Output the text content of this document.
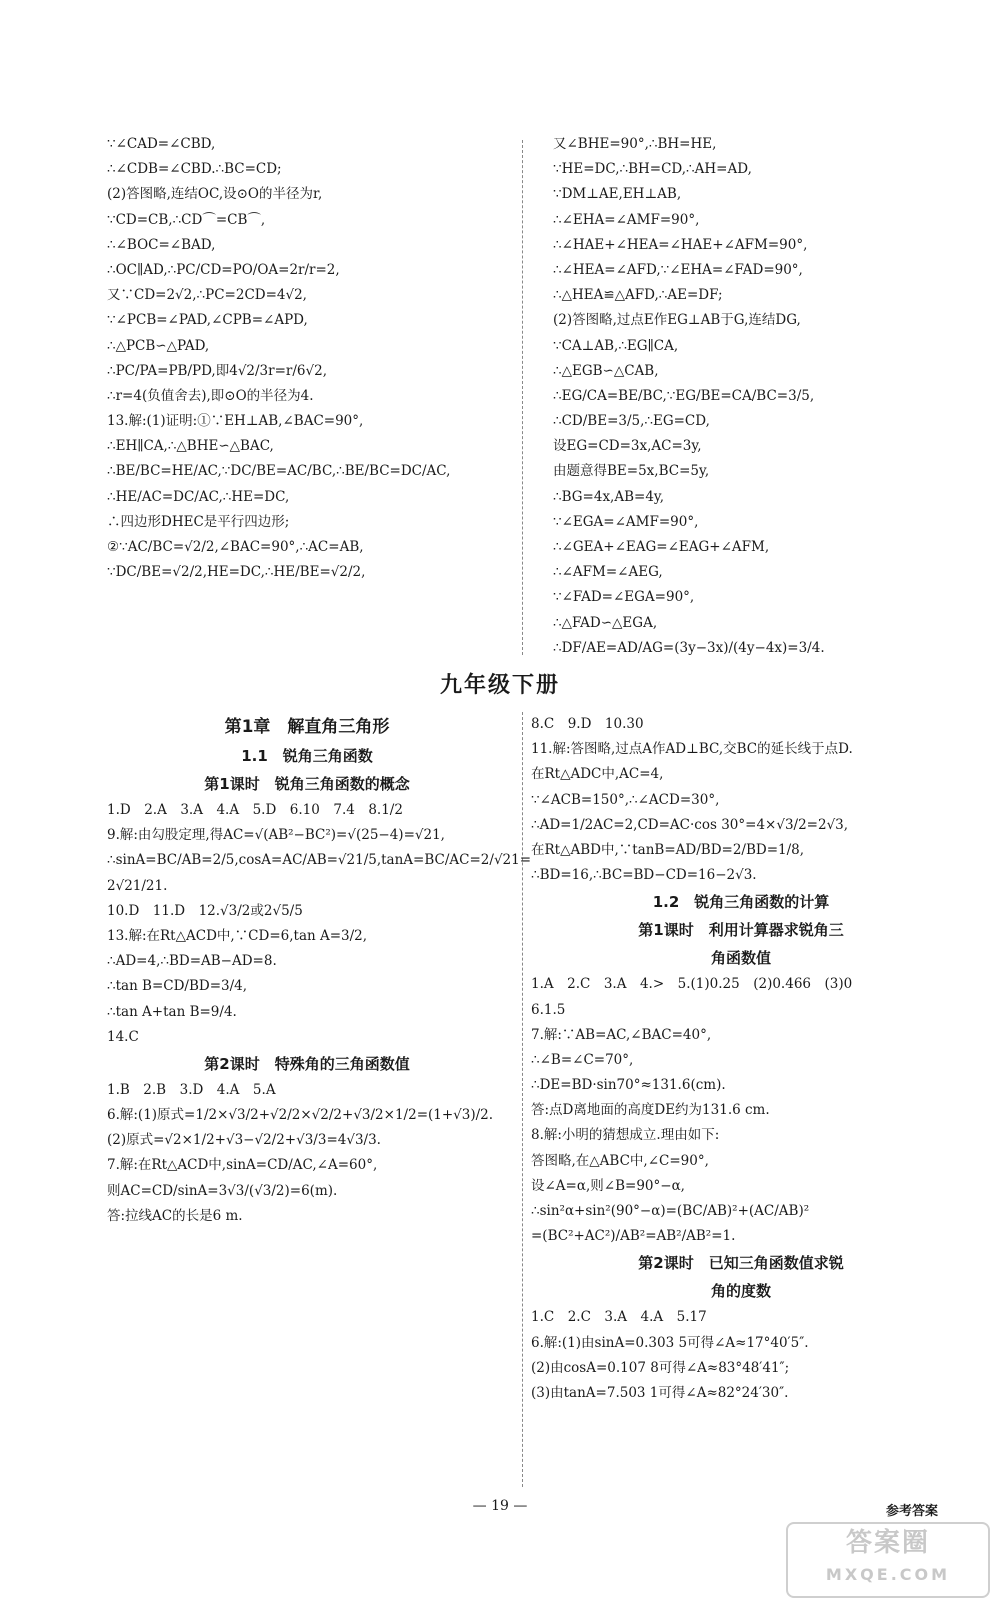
∵∠CAD=∠CBD,
∴∠CDB=∠CBD.∴BC=CD;
(2)答图略,连结OC,设⊙O的半径为r,
∵CD=CB,∴CD⌒=CB⌒,
∴∠BOC=∠BAD,
∴OC∥AD,∴PC/CD=PO/OA=2r/r=2,
又∵CD=2√2,∴PC=2CD=4√2,
∵∠PCB=∠PAD,∠CPB=∠APD,
∴△PCB∽△PAD,
∴PC/PA=PB/PD,即4√2/3r=r/6√2,
∴r=4(负值舍去),即⊙O的半径为4.
13.解:(1)证明:①∵EH⊥AB,∠BAC=90°,
∴EH∥CA,∴△BHE∽△BAC,
∴BE/BC=HE/AC,∵DC/BE=AC/BC,∴BE/BC=DC/AC,
∴HE/AC=DC/AC,∴HE=DC,
∴四边形DHEC是平行四边形;
②∵AC/BC=√2/2,∠BAC=90°,∴AC=AB,
∵DC/BE=√2/2,HE=DC,∴HE/BE=√2/2,
又∠BHE=90°,∴BH=HE,
∵HE=DC,∴BH=CD,∴AH=AD,
∵DM⊥AE,EH⊥AB,
∴∠EHA=∠AMF=90°,
∴∠HAE+∠HEA=∠HAE+∠AFM=90°,
∴∠HEA=∠AFD,∵∠EHA=∠FAD=90°,
∴△HEA≌△AFD,∴AE=DF;
(2)答图略,过点E作EG⊥AB于G,连结DG,
∵CA⊥AB,∴EG∥CA,
∴△EGB∽△CAB,
∴EG/CA=BE/BC,∵EG/BE=CA/BC=3/5,
∴CD/BE=3/5,∴EG=CD,
设EG=CD=3x,AC=3y,
由题意得BE=5x,BC=5y,
∴BG=4x,AB=4y,
∵∠EGA=∠AMF=90°,
∴∠GEA+∠EAG=∠EAG+∠AFM,
∴∠AFM=∠AEG,
∵∠FAD=∠EGA=90°,
∴△FAD∽△EGA,
∴DF/AE=AD/AG=(3y−3x)/(4y−4x)=3/4.
九年级下册
第1章　解直角三角形
1.1　锐角三角函数
第1课时　锐角三角函数的概念
1.D　2.A　3.A　4.A　5.D　6.10　7.4　8.1/2
9.解:由勾股定理,得AC=√(AB²−BC²)=√(25−4)=√21,
∴sinA=BC/AB=2/5,cosA=AC/AB=√21/5,tanA=BC/AC=2/√21=
2√21/21.
10.D　11.D　12.√3/2或2√5/5
13.解:在Rt△ACD中,∵CD=6,tan A=3/2,
∴AD=4,∴BD=AB−AD=8.
∴tan B=CD/BD=3/4,
∴tan A+tan B=9/4.
14.C
第2课时　特殊角的三角函数值
1.B　2.B　3.D　4.A　5.A
6.解:(1)原式=1/2×√3/2+√2/2×√2/2+√3/2×1/2=(1+√3)/2.
(2)原式=√2×1/2+√3−√2/2+√3/3=4√3/3.
7.解:在Rt△ACD中,sinA=CD/AC,∠A=60°,
则AC=CD/sinA=3√3/(√3/2)=6(m).
答:拉线AC的长是6 m.
8.C　9.D　10.30
11.解:答图略,过点A作AD⊥BC,交BC的延长线于点D.
在Rt△ADC中,AC=4,
∵∠ACB=150°,∴∠ACD=30°,
∴AD=1/2AC=2,CD=AC·cos 30°=4×√3/2=2√3,
在Rt△ABD中,∵tanB=AD/BD=2/BD=1/8,
∴BD=16,∴BC=BD−CD=16−2√3.
1.2　锐角三角函数的计算
第1课时　利用计算器求锐角三
角函数值
1.A　2.C　3.A　4.>　5.(1)0.25　(2)0.466　(3)0
6.1.5
7.解:∵AB=AC,∠BAC=40°,
∴∠B=∠C=70°,
∴DE=BD·sin70°≈131.6(cm).
答:点D离地面的高度DE约为131.6 cm.
8.解:小明的猜想成立.理由如下:
答图略,在△ABC中,∠C=90°,
设∠A=α,则∠B=90°−α,
∴sin²α+sin²(90°−α)=(BC/AB)²+(AC/AB)²
=(BC²+AC²)/AB²=AB²/AB²=1.
第2课时　已知三角函数值求锐
角的度数
1.C　2.C　3.A　4.A　5.17
6.解:(1)由sinA=0.303 5可得∠A≈17°40′5″.
(2)由cosA=0.107 8可得∠A≈83°48′41″;
(3)由tanA=7.503 1可得∠A≈82°24′30″.
— 19 —	参考答案
答案圈
MXQE.COM
